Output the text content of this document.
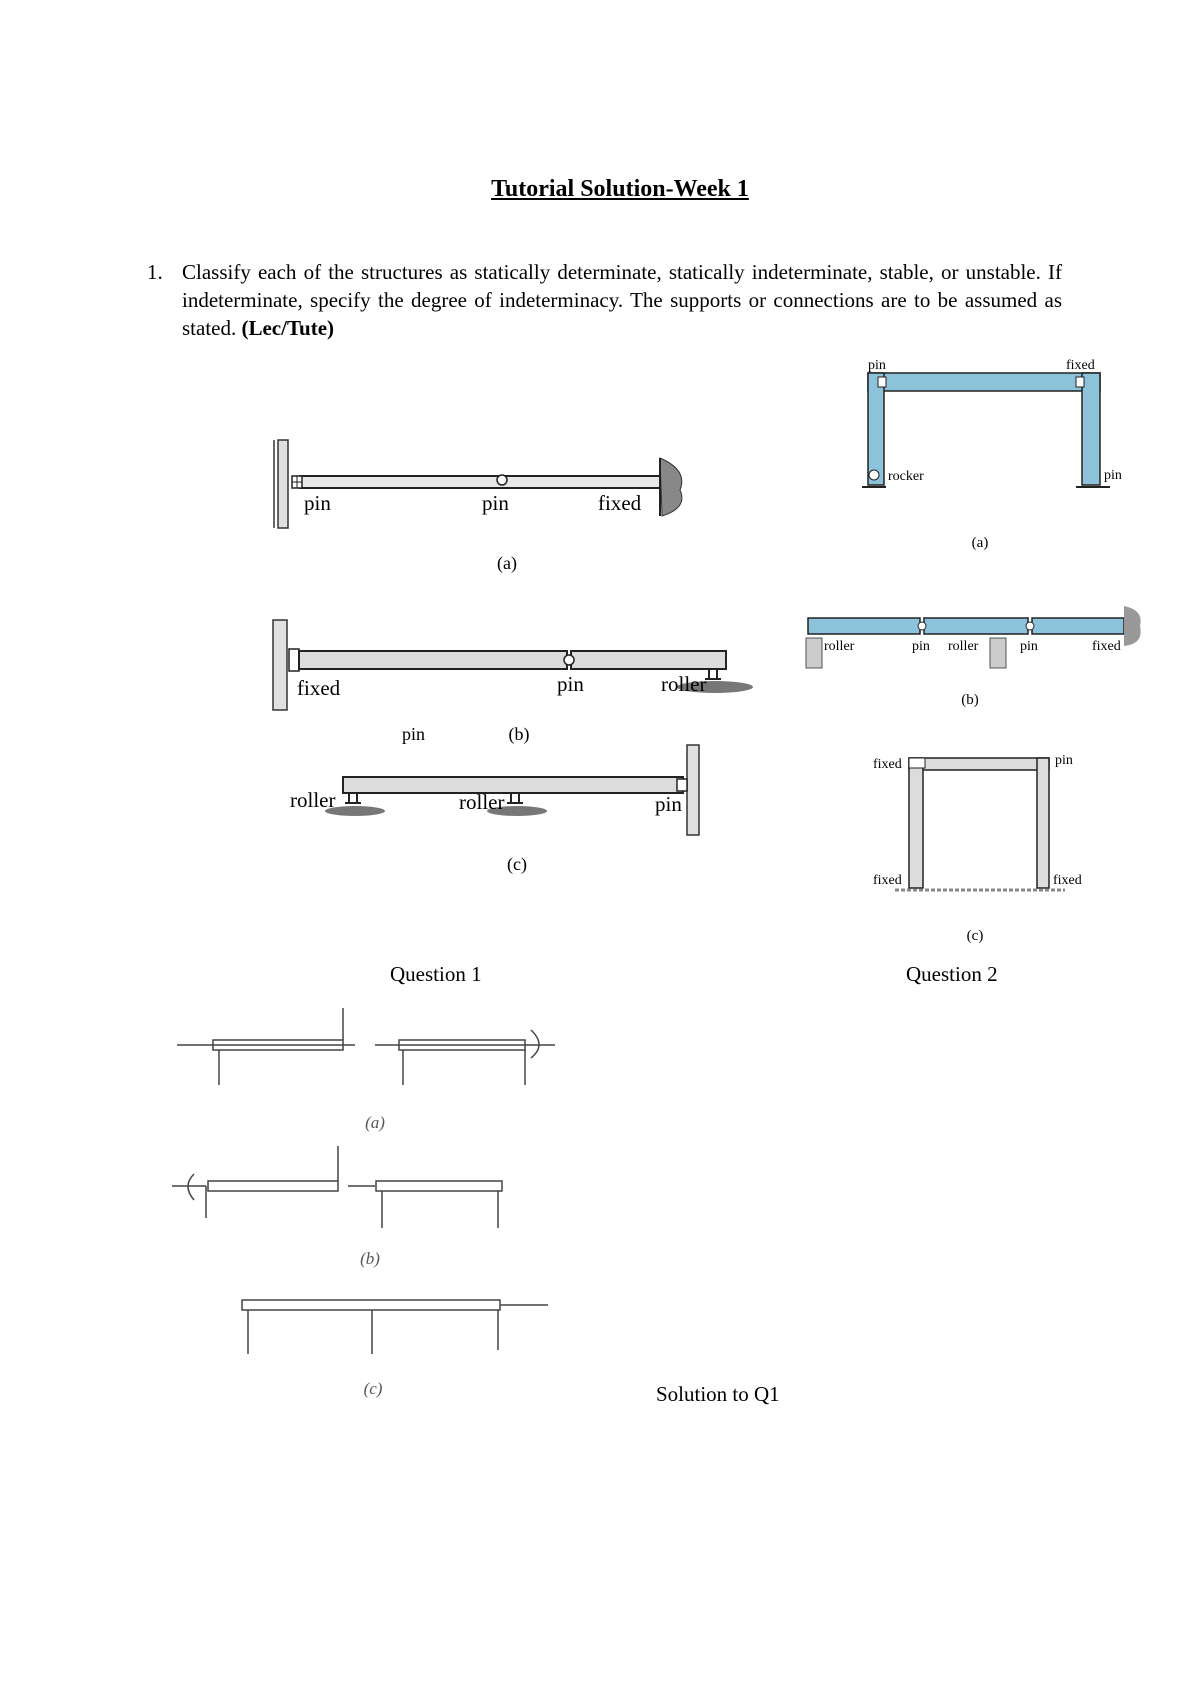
Tutorial Solution-Week 1
1. Classify each of the structures as statically determinate, statically indeterminate, stable, or unstable. If indeterminate, specify the degree of indeterminacy. The supports or connections are to be assumed as stated. (Lec/Tute)
pin	pin	fixed
(a)
fixed	pin	roller
pin	(b)
roller	roller	pin
(c)
pin	fixed
rocker	pin
(a)
roller	pin roller	pin	fixed
(b)
fixed	pin
fixed	fixed
(c)
Question 1	Question 2
(a)
(b)
(c)	Solution to Q1
